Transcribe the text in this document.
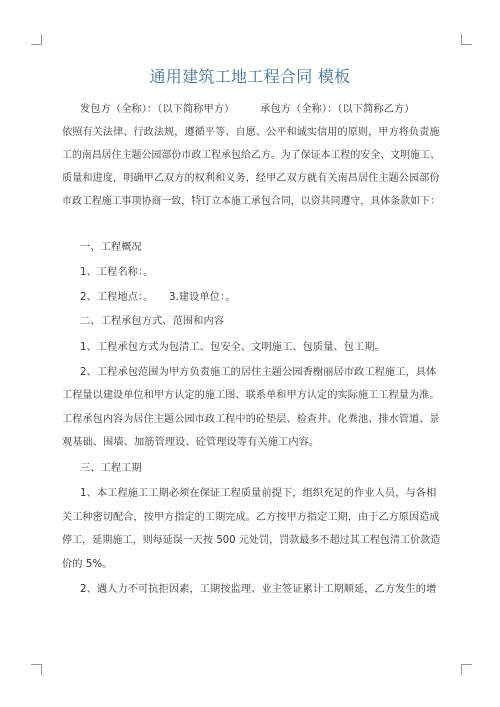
通用建筑工地工程合同 模板
发包方（全称）：（以下简称甲方）　　　承包方（全称）：（以下简称乙方）
依照有关法律、行政法规，遵循平等、自愿、公平和诚实信用的原则，甲方将负责施
工的南昌居住主题公园部份市政工程承包给乙方。为了保证本工程的安全、文明施工、
质量和进度，明确甲乙双方的权利和义务，经甲乙双方就有关南昌居住主题公园部份
市政工程施工事项协商一致，特订立本施工承包合同，以资共同遵守，具体条款如下：
一、工程概况
1、工程名称：。
2、工程地点：。　　3.建设单位：。
二、工程承包方式、范围和内容
1、工程承包方式为包清工、包安全、文明施工、包质量、包工期。
2、工程承包范围为甲方负责施工的居住主题公园香榭丽居市政工程施工，具体
工程量以建设单位和甲方认定的施工图、联系单和甲方认定的实际施工工程量为准。
工程承包内容为居住主题公园市政工程中的砼垫层、检查井、化粪池、排水管道、景
观基础、围墙、加筋管理设、砼管理设等有关施工内容。
三、工程工期
1、本工程施工工期必须在保证工程质量前提下，组织充足的作业人员，与各相
关工种密切配合，按甲方指定的工期完成。乙方按甲方指定工期，由于乙方原因造成
停工，延期施工，则每延误一天按 500 元处罚，罚款最多不超过其工程包清工价款造
价的 5%。
2、遇人力不可抗拒因素，工期按监理、业主签证累计工期顺延，乙方发生的增
